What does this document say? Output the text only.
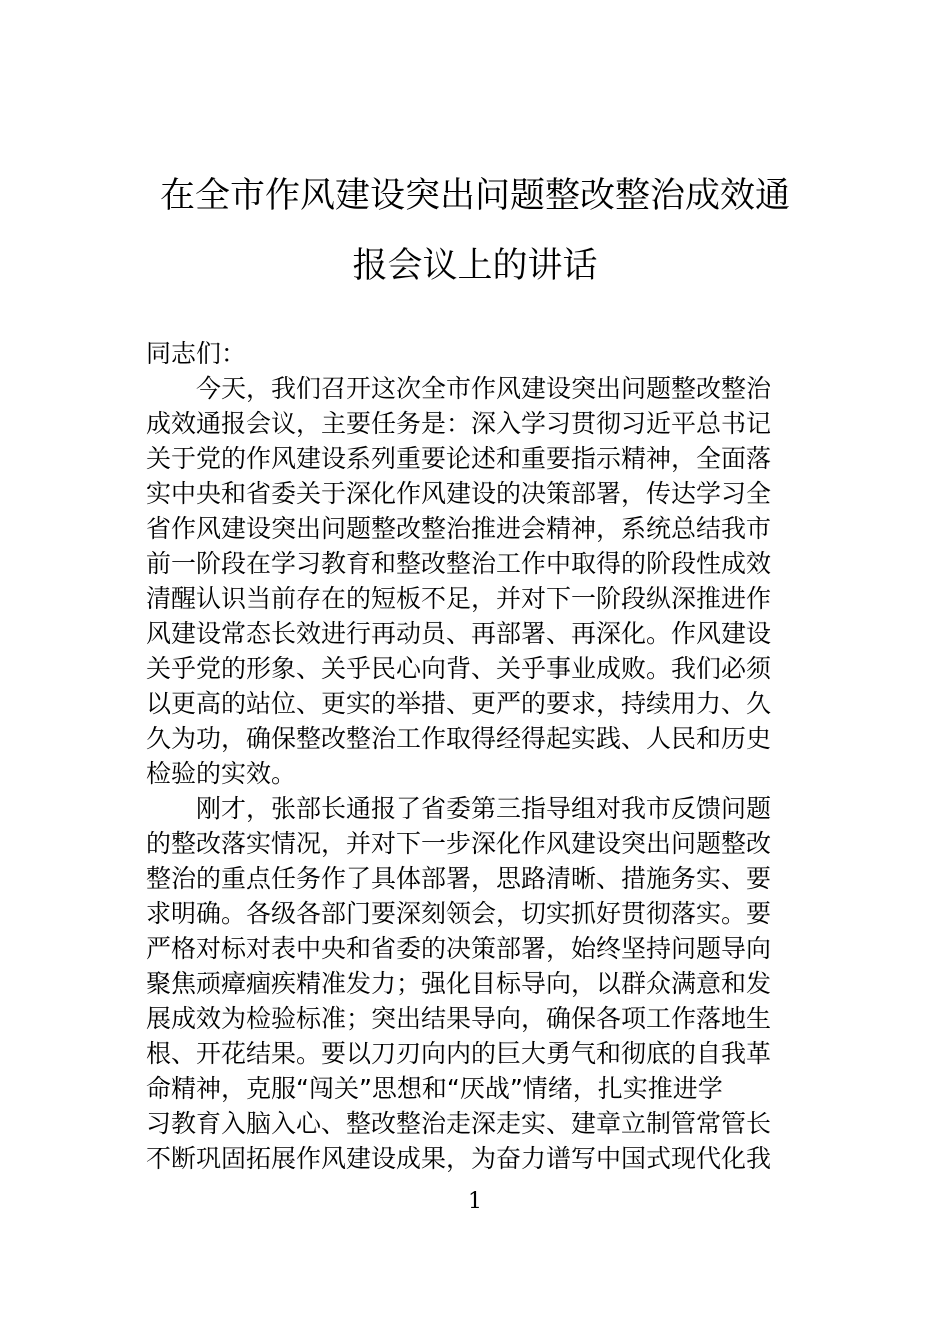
在全市作风建设突出问题整改整治成效通
报会议上的讲话
同志们：
今天，我们召开这次全市作风建设突出问题整改整治
成效通报会议，主要任务是：深入学习贯彻习近平总书记
关于党的作风建设系列重要论述和重要指示精神，全面落
实中央和省委关于深化作风建设的决策部署，传达学习全
省作风建设突出问题整改整治推进会精神，系统总结我市
前一阶段在学习教育和整改整治工作中取得的阶段性成效
清醒认识当前存在的短板不足，并对下一阶段纵深推进作
风建设常态长效进行再动员、再部署、再深化。作风建设
关乎党的形象、关乎民心向背、关乎事业成败。我们必须
以更高的站位、更实的举措、更严的要求，持续用力、久
久为功，确保整改整治工作取得经得起实践、人民和历史
检验的实效。
刚才，张部长通报了省委第三指导组对我市反馈问题
的整改落实情况，并对下一步深化作风建设突出问题整改
整治的重点任务作了具体部署，思路清晰、措施务实、要
求明确。各级各部门要深刻领会，切实抓好贯彻落实。要
严格对标对表中央和省委的决策部署，始终坚持问题导向
聚焦顽瘴痼疾精准发力；强化目标导向，以群众满意和发
展成效为检验标准；突出结果导向，确保各项工作落地生
根、开花结果。要以刀刃向内的巨大勇气和彻底的自我革
命精神，克服“闯关”思想和“厌战”情绪，扎实推进学
习教育入脑入心、整改整治走深走实、建章立制管常管长
不断巩固拓展作风建设成果，为奋力谱写中国式现代化我
1
